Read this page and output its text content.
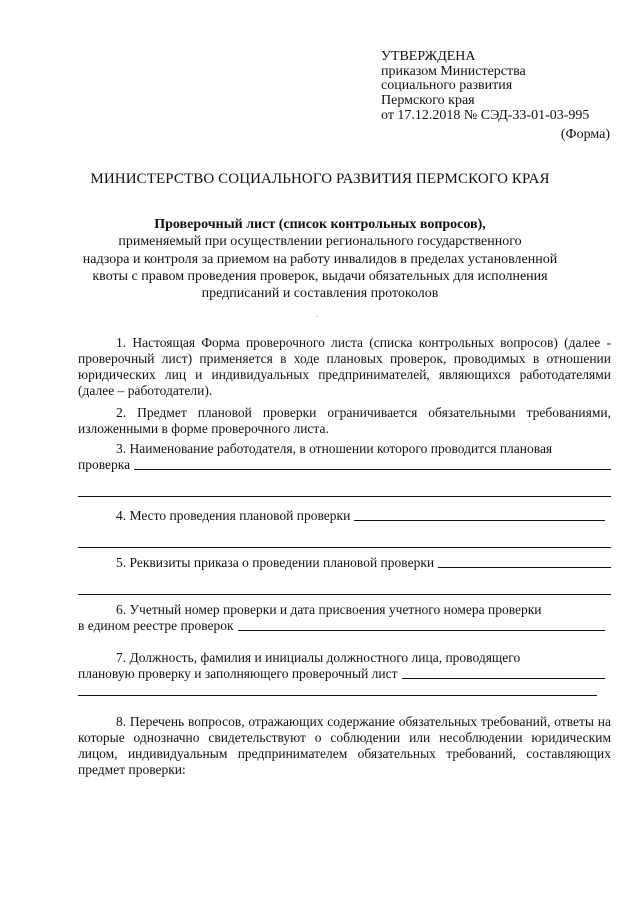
УТВЕРЖДЕНА
приказом Министерства
социального развития
Пермского края
от 17.12.2018 № СЭД-33-01-03-995
(Форма)
МИНИСТЕРСТВО СОЦИАЛЬНОГО РАЗВИТИЯ ПЕРМСКОГО КРАЯ
Проверочный лист (список контрольных вопросов),
применяемый при осуществлении регионального государственного
надзора и контроля за приемом на работу инвалидов в пределах установленной
квоты с правом проведения проверок, выдачи обязательных для исполнения
предписаний и составления протоколов
.

1. Настоящая Форма проверочного листа (списка контрольных вопросов) (далее - проверочный лист) применяется в ходе плановых проверок, проводимых в отношении юридических лиц и индивидуальных предпринимателей, являющихся работодателями (далее – работодатели).

2. Предмет плановой проверки ограничивается обязательными требованиями, изложенными в форме проверочного листа.

3. Наименование работодателя, в отношении которого проводится плановая

проверка
4. Место проведения плановой проверки
5. Реквизиты приказа о проведении плановой проверки

6. Учетный номер проверки и дата присвоения учетного номера проверки

в едином реестре проверок

7. Должность, фамилия и инициалы должностного лица, проводящего

плановую проверку и заполняющего проверочный лист

8. Перечень вопросов, отражающих содержание обязательных требований, ответы на которые однозначно свидетельствуют о соблюдении или несоблюдении юридическим лицом, индивидуальным предпринимателем обязательных требований, составляющих предмет проверки:
